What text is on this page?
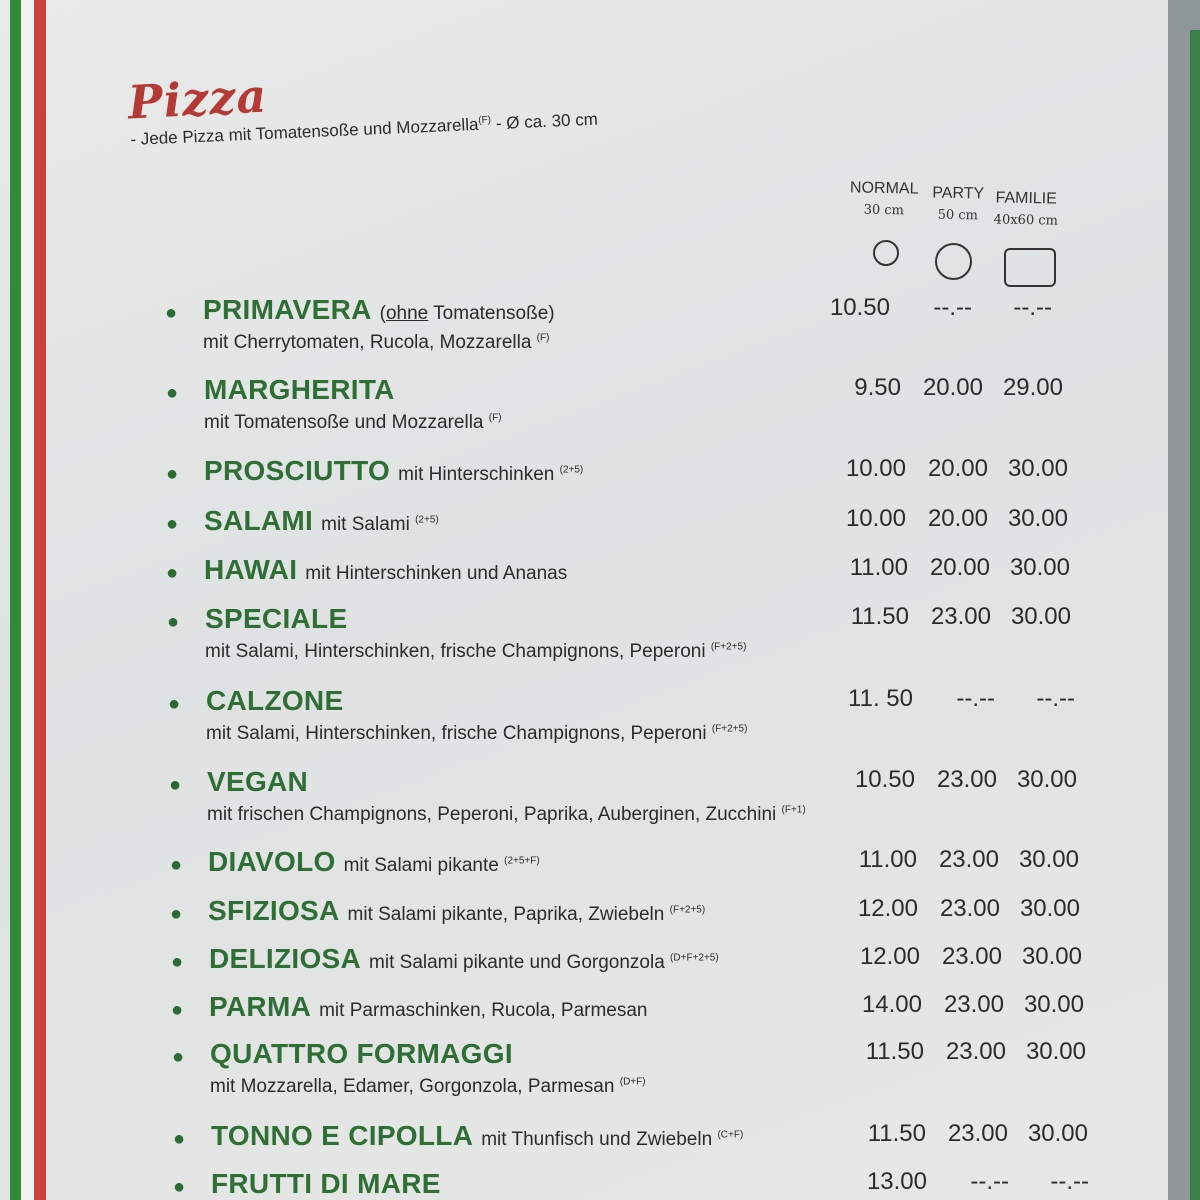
Pizza
- Jede Pizza mit Tomatensoße und Mozzarella$^{(F)}$ - Ø ca. 30 cm
NORMAL
30 cm
PARTY
50 cm
FAMILIE
40x60 cm
● PRIMAVERA (ohne Tomatensoße)
mit Cherrytomaten, Rucola, Mozzarella $^{(F)}$
10.50	--.--	--.--
● MARGHERITA
mit Tomatensoße und Mozzarella $^{(F)}$
9.50 20.00 29.00
● PROSCIUTTO mit Hinterschinken $^{(2+5)}$	10.00 20.00 30.00
● SALAMI mit Salami $^{(2+5)}$	10.00 20.00 30.00
● HAWAI mit Hinterschinken und Ananas	11.00 20.00 30.00
● SPECIALE
mit Salami, Hinterschinken, frische Champignons, Peperoni $^{(F+2+5)}$
11.50 23.00 30.00
● CALZONE
mit Salami, Hinterschinken, frische Champignons, Peperoni $^{(F+2+5)}$
11. 50	--.--	--.--
● VEGAN
mit frischen Champignons, Peperoni, Paprika, Auberginen, Zucchini $^{(F+1)}$
10.50 23.00 30.00
● DIAVOLO mit Salami pikante $^{(2+5+F)}$	11.00 23.00 30.00
● SFIZIOSA mit Salami pikante, Paprika, Zwiebeln $^{(F+2+5)}$	12.00 23.00 30.00
● DELIZIOSA mit Salami pikante und Gorgonzola $^{(D+F+2+5)}$	12.00 23.00 30.00
● PARMA mit Parmaschinken, Rucola, Parmesan	14.00 23.00 30.00
● QUATTRO FORMAGGI
mit Mozzarella, Edamer, Gorgonzola, Parmesan $^{(D+F)}$
11.50 23.00 30.00
● TONNO E CIPOLLA mit Thunfisch und Zwiebeln $^{(C+F)}$	11.50 23.00 30.00
● FRUTTI DI MARE	13.00	--.--	--.--
